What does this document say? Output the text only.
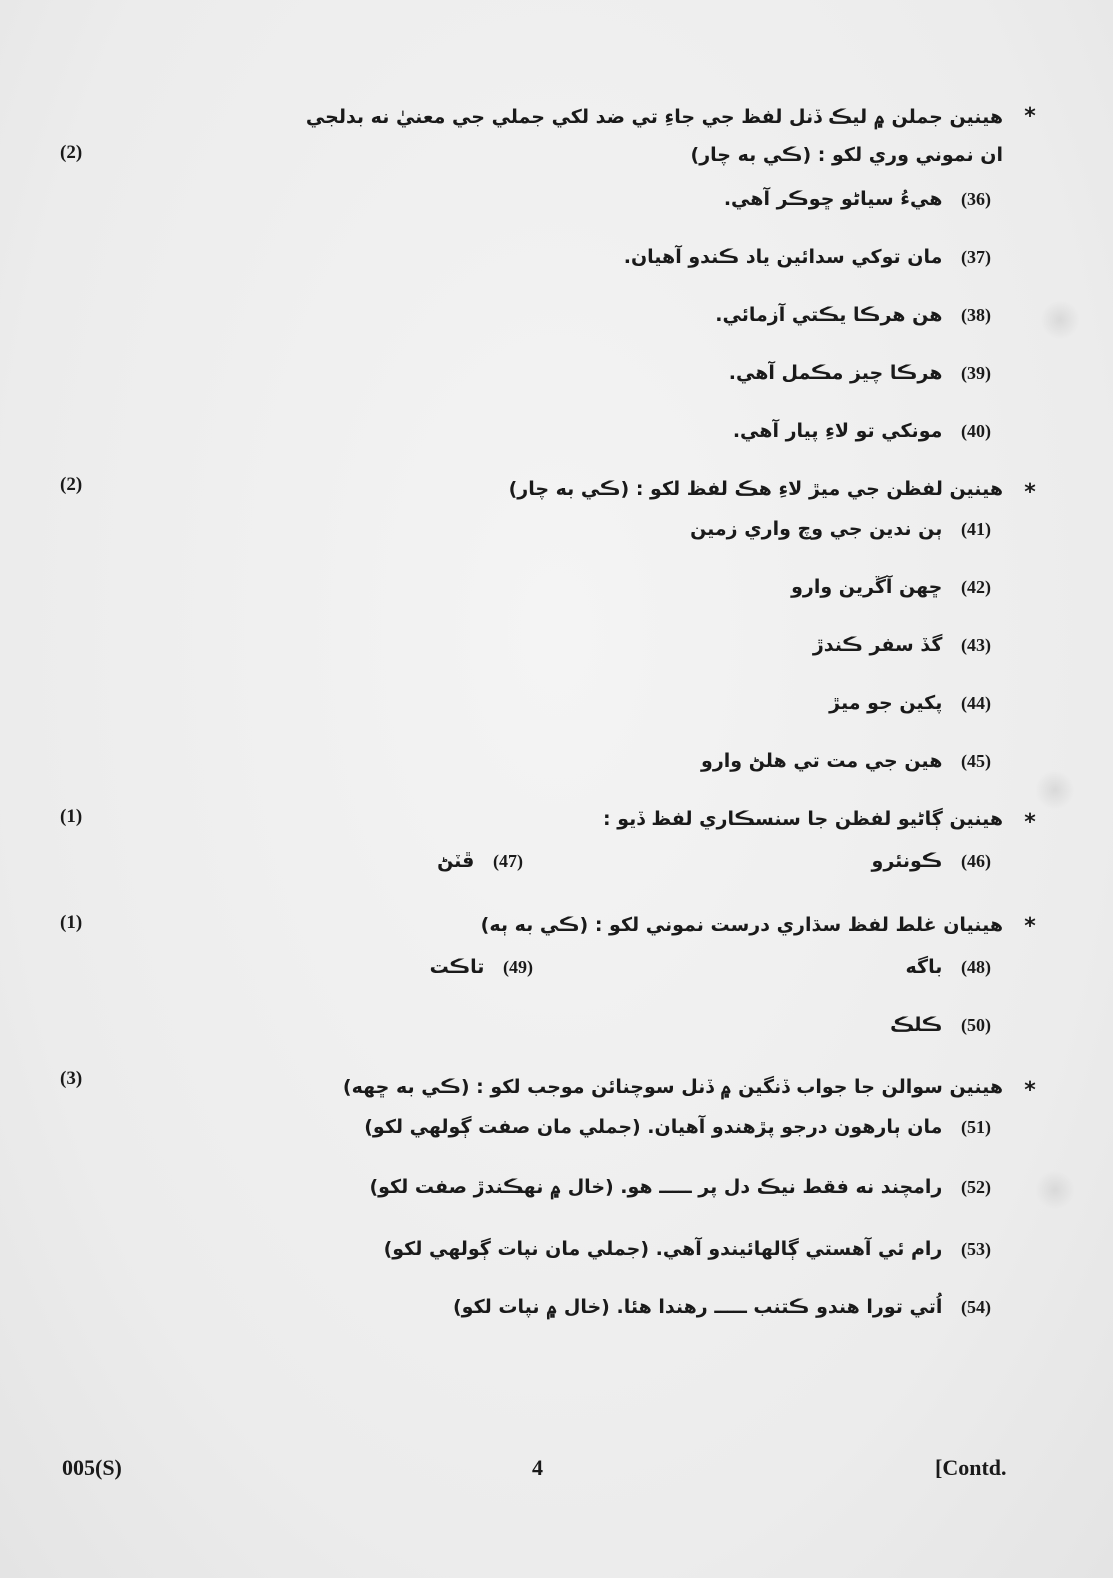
*
(2)
هينين جملن ۾ ليڪ ڏنل لفظ جي جاءِ تي ضد لکي جملي جي معنيٰ نه بدلجي
ان نموني وري لکو : (ڪي به چار)
(36) هيءُ سياڻو ڇوڪر آهي.
(37) مان توکي سدائين ياد ڪندو آهيان.
(38) هن هرڪا يڪتي آزمائي.
(39) هرڪا چيز مڪمل آهي.
(40) مونکي تو لاءِ پيار آهي.
*
(2)	هينين لفظن جي ميڙ لاءِ هڪ لفظ لکو : (ڪي به چار)
(41) ٻن ندين جي وچ واري زمين
(42) ڇهن آڱرين وارو
(43) گڏ سفر ڪندڙ
(44) پکين جو ميڙ
(45) هين جي مت تي هلڻ وارو
*
(1)	هينين ڳاڻيو لفظن جا سنسڪاري لفظ ڏيو :
(46) ڪونئرو
(47) ڦٽڻ
*
(1)	هينيان غلط لفظ سڌاري درست نموني لکو : (ڪي به ٻه)
(48) باگه
(49) تاڪت
(50) ڪلڪ
*
(3)	هينين سوالن جا جواب ڏنگين ۾ ڏنل سوچنائن موجب لکو : (ڪي به ڇهه)
(51) مان ٻارهون درجو پڙهندو آهيان. (جملي مان صفت ڳولهي لکو)
(52) رامچند نه فقط نيڪ دل پر ـــــ هو. (خال ۾ نهڪندڙ صفت لکو)
(53) رام ئي آهستي ڳالهائيندو آهي. (جملي مان نپات ڳولهي لکو)
(54) اُتي تورا هندو ڪتنب ـــــ رهندا هئا. (خال ۾ نپات لکو)
005(S)	4	[Contd.
